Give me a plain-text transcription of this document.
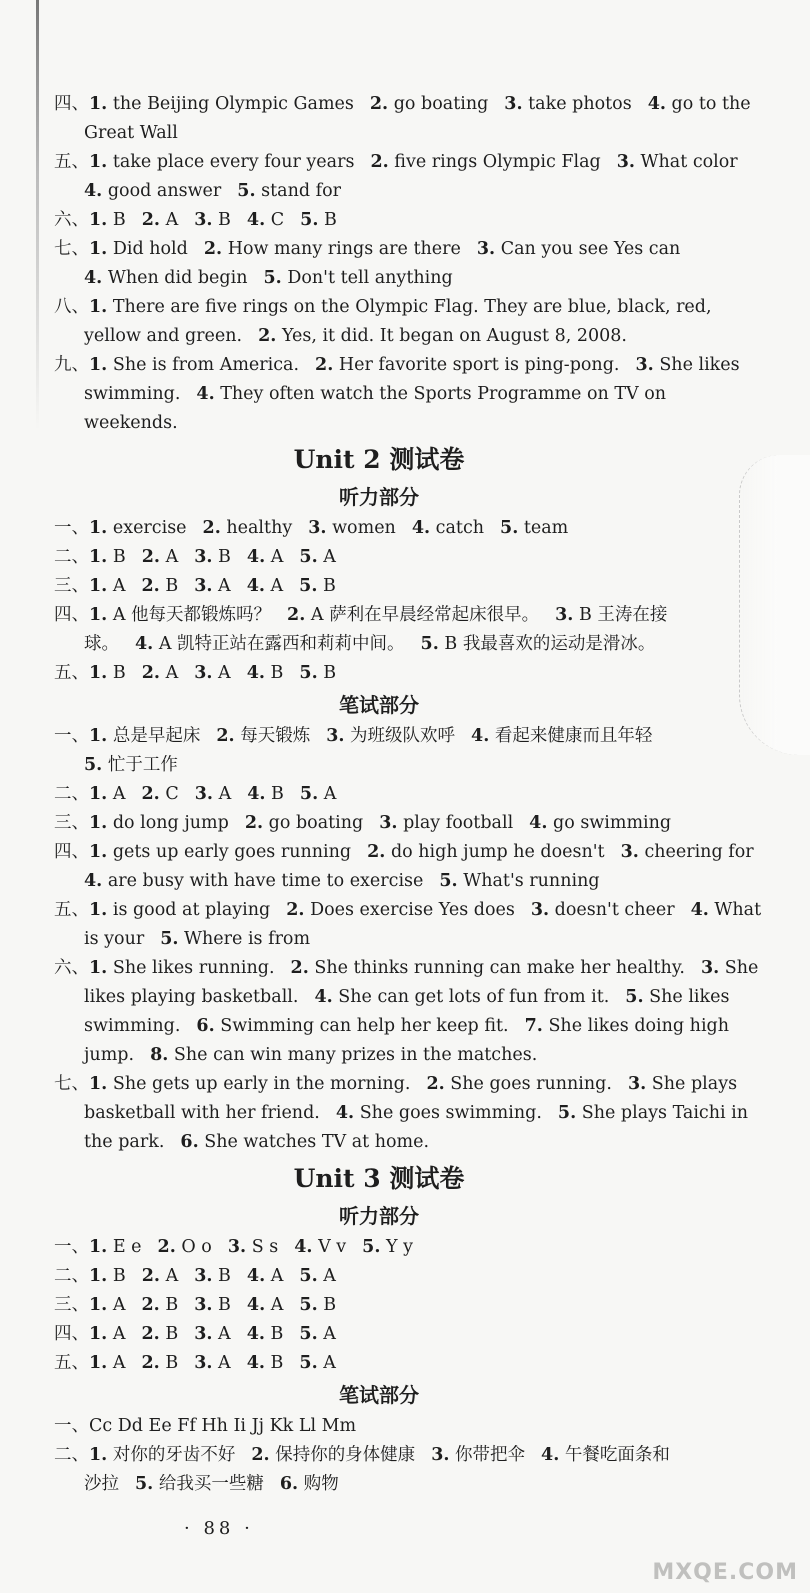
四、1. the Beijing Olympic Games 2. go boating 3. take photos 4. go to the
Great Wall
五、1. take place every four years 2. five rings Olympic Flag 3. What color
4. good answer 5. stand for
六、1. B 2. A 3. B 4. C 5. B
七、1. Did hold 2. How many rings are there 3. Can you see Yes can
4. When did begin 5. Don't tell anything
八、1. There are five rings on the Olympic Flag. They are blue, black, red,
yellow and green. 2. Yes, it did. It began on August 8, 2008.
九、1. She is from America. 2. Her favorite sport is ping-pong. 3. She likes
swimming. 4. They often watch the Sports Programme on TV on
weekends.
Unit 2 测试卷
听力部分
一、1. exercise 2. healthy 3. women 4. catch 5. team
二、1. B 2. A 3. B 4. A 5. A
三、1. A 2. B 3. A 4. A 5. B
四、1. A 他每天都锻炼吗？ 2. A 萨利在早晨经常起床很早。 3. B 王涛在接
球。 4. A 凯特正站在露西和莉莉中间。 5. B 我最喜欢的运动是滑冰。
五、1. B 2. A 3. A 4. B 5. B
笔试部分
一、1. 总是早起床 2. 每天锻炼 3. 为班级队欢呼 4. 看起来健康而且年轻
5. 忙于工作
二、1. A 2. C 3. A 4. B 5. A
三、1. do long jump 2. go boating 3. play football 4. go swimming
四、1. gets up early goes running 2. do high jump he doesn't 3. cheering for
4. are busy with have time to exercise 5. What's running
五、1. is good at playing 2. Does exercise Yes does 3. doesn't cheer 4. What
is your 5. Where is from
六、1. She likes running. 2. She thinks running can make her healthy. 3. She
likes playing basketball. 4. She can get lots of fun from it. 5. She likes
swimming. 6. Swimming can help her keep fit. 7. She likes doing high
jump. 8. She can win many prizes in the matches.
七、1. She gets up early in the morning. 2. She goes running. 3. She plays
basketball with her friend. 4. She goes swimming. 5. She plays Taichi in
the park. 6. She watches TV at home.
Unit 3 测试卷
听力部分
一、1. E e 2. O o 3. S s 4. V v 5. Y y
二、1. B 2. A 3. B 4. A 5. A
三、1. A 2. B 3. B 4. A 5. B
四、1. A 2. B 3. A 4. B 5. A
五、1. A 2. B 3. A 4. B 5. A
笔试部分
一、Cc Dd Ee Ff Hh Ii Jj Kk Ll Mm
二、1. 对你的牙齿不好 2. 保持你的身体健康 3. 你带把伞 4. 午餐吃面条和
沙拉 5. 给我买一些糖 6. 购物
· 88 ·
MXQE.COM
